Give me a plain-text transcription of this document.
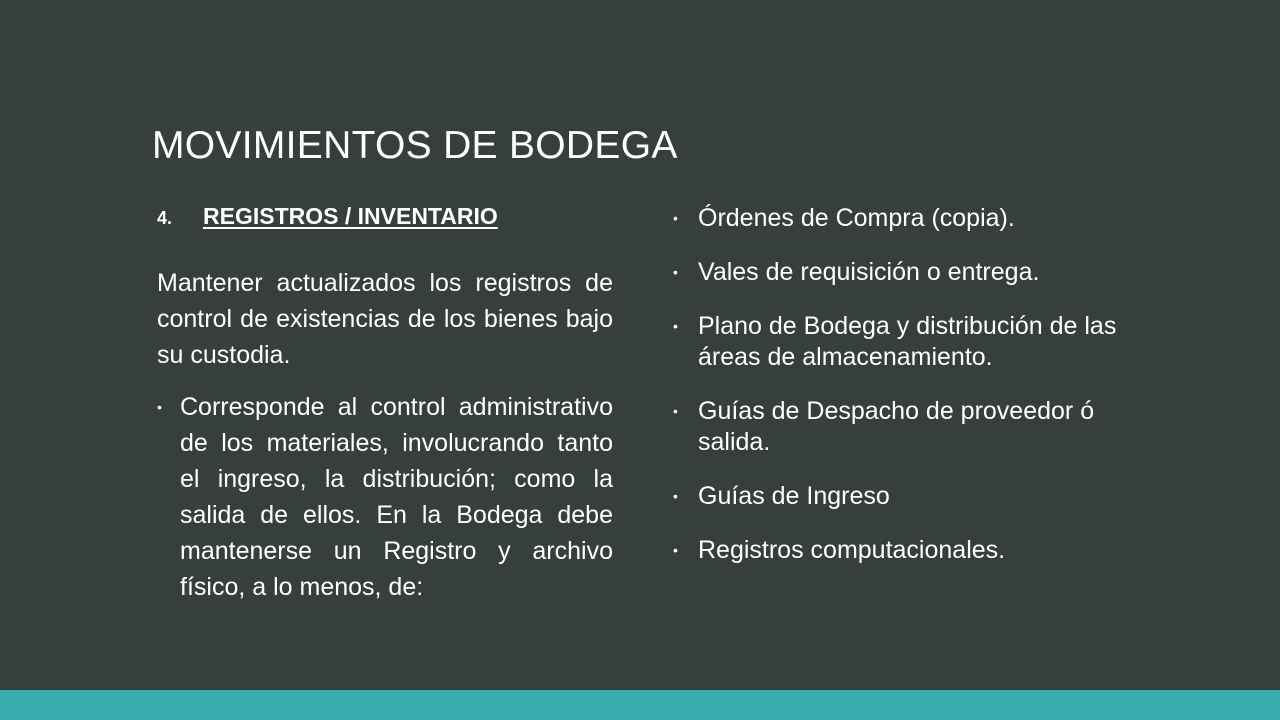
MOVIMIENTOS DE BODEGA
4.	REGISTROS / INVENTARIO

Mantener actualizados los registros de control de existencias de los bienes bajo su custodia.

• Corresponde al control administrativo de los materiales, involucrando tanto el ingreso, la distribución; como la salida de ellos. En la Bodega debe mantenerse un Registro y archivo físico, a lo menos, de:
• Órdenes de Compra (copia).
• Vales de requisición o entrega.
• Plano de Bodega y distribución de las áreas de almacenamiento.
• Guías de Despacho de proveedor ó salida.
• Guías de Ingreso
• Registros computacionales.
